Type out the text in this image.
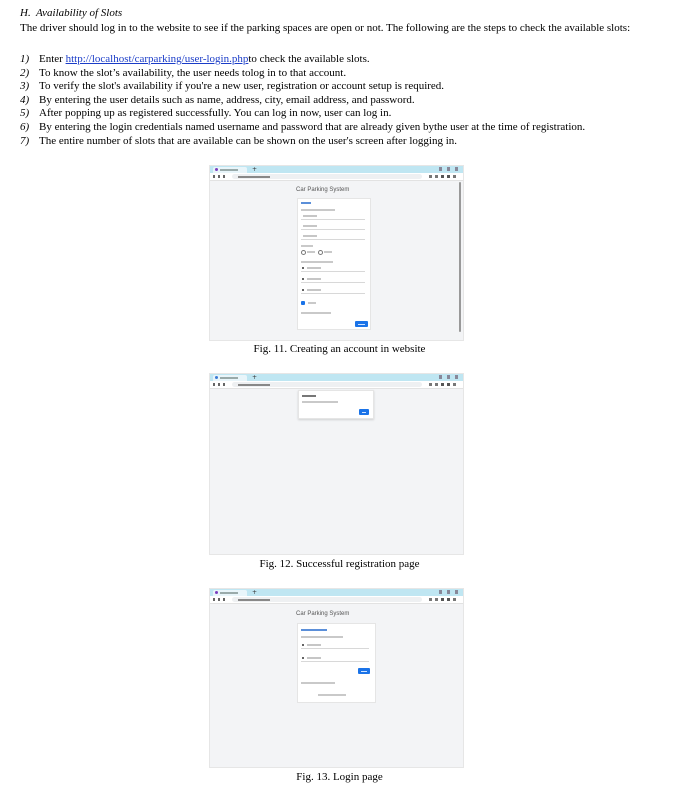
H. Availability of Slots
The driver should log in to the website to see if the parking spaces are open or not. The following are the steps to check the available slots:
1) Enter http://localhost/carparking/user-login.phpto check the available slots.
2) To know the slot’s availability, the user needs tolog in to that account.
3) To verify the slot's availability if you're a new user, registration or account setup is required.
4) By entering the user details such as name, address, city, email address, and password.
5) After popping up as registered successfully. You can log in now, user can log in.
6) By entering the login credentials named username and password that are already given bythe user at the time of registration.
7) The entire number of slots that are available can be shown on the user's screen after logging in.
+
Car Parking System
Fig. 11. Creating an account in website
+
Fig. 12. Successful registration page
+
Car Parking System
Fig. 13. Login page
